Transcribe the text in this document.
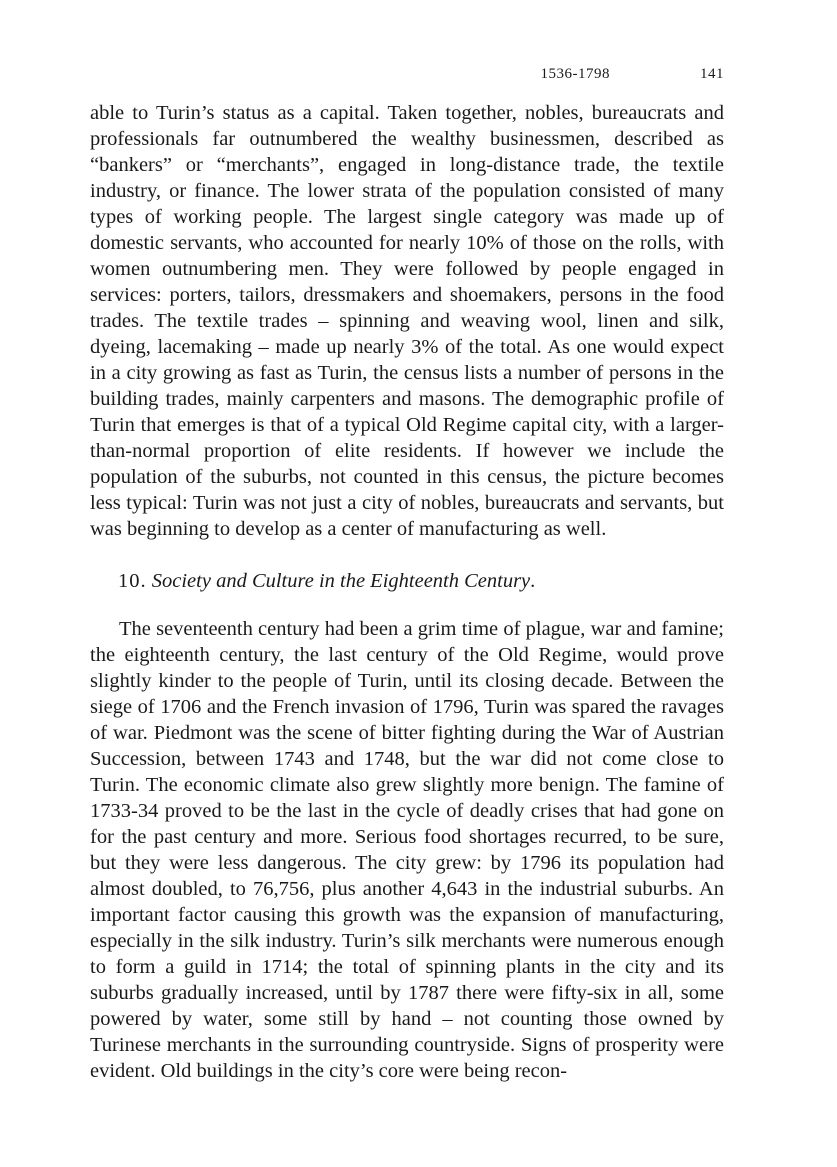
1536-1798	141

able to Turin’s status as a capital. Taken together, nobles, bureaucrats and professionals far outnumbered the wealthy businessmen, described as “bankers” or “merchants”, engaged in long-distance trade, the textile industry, or finance. The lower strata of the population consisted of many types of working people. The largest single category was made up of domestic servants, who accounted for nearly 10% of those on the rolls, with women outnumbering men. They were followed by people engaged in services: porters, tailors, dressmakers and shoemakers, persons in the food trades. The textile trades – spinning and weaving wool, linen and silk, dyeing, lacemaking – made up nearly 3% of the total. As one would expect in a city growing as fast as Turin, the census lists a number of persons in the building trades, mainly carpenters and masons. The demographic profile of Turin that emerges is that of a typical Old Regime capital city, with a larger-than-normal proportion of elite residents. If however we include the population of the suburbs, not counted in this census, the picture becomes less typical: Turin was not just a city of nobles, bureaucrats and servants, but was beginning to develop as a center of manufacturing as well.

10. Society and Culture in the Eighteenth Century.

The seventeenth century had been a grim time of plague, war and famine; the eighteenth century, the last century of the Old Regime, would prove slightly kinder to the people of Turin, until its closing decade. Between the siege of 1706 and the French invasion of 1796, Turin was spared the ravages of war. Piedmont was the scene of bitter fighting during the War of Austrian Succession, between 1743 and 1748, but the war did not come close to Turin. The economic climate also grew slightly more benign. The famine of 1733-34 proved to be the last in the cycle of deadly crises that had gone on for the past century and more. Serious food shortages recurred, to be sure, but they were less dangerous. The city grew: by 1796 its population had almost doubled, to 76,756, plus another 4,643 in the industrial suburbs. An important factor causing this growth was the expansion of manufacturing, especially in the silk industry. Turin’s silk merchants were numerous enough to form a guild in 1714; the total of spinning plants in the city and its suburbs gradually increased, until by 1787 there were fifty-six in all, some powered by water, some still by hand – not counting those owned by Turinese merchants in the surrounding countryside. Signs of prosperity were evident. Old buildings in the city’s core were being recon-
